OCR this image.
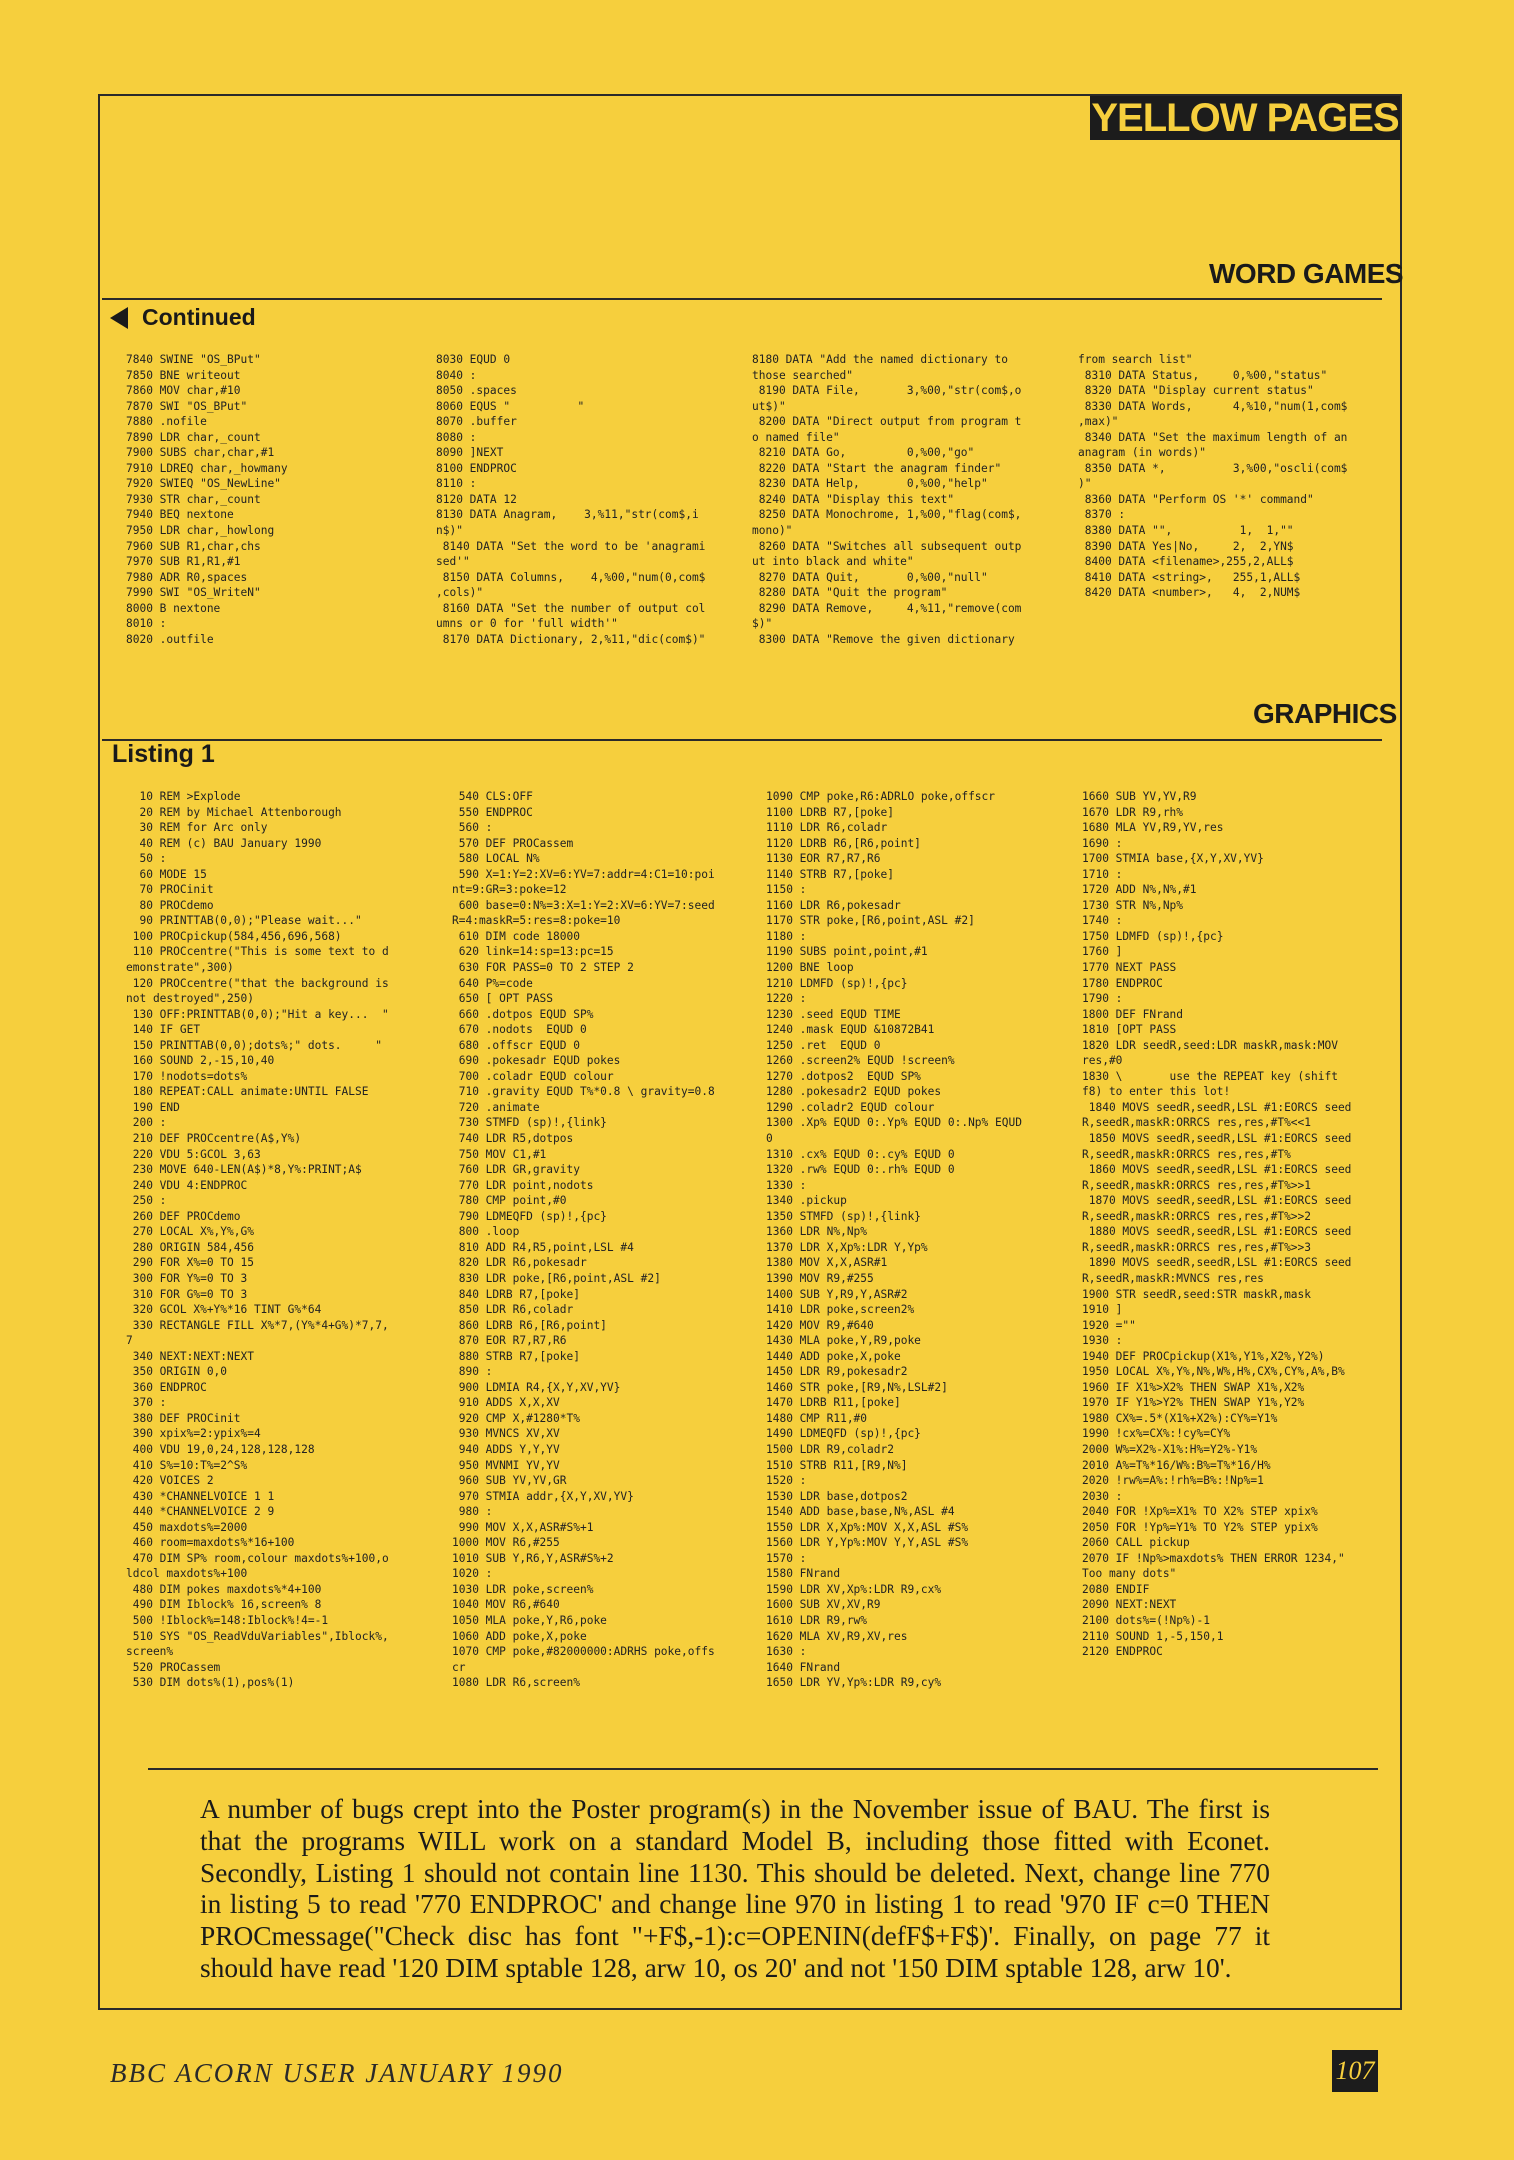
YELLOW PAGES
WORD GAMES
Continued
7840 SWINE "OS_BPut"
7850 BNE writeout
7860 MOV char,#10
7870 SWI "OS_BPut"
7880 .nofile
7890 LDR char,_count
7900 SUBS char,char,#1
7910 LDREQ char,_howmany
7920 SWIEQ "OS_NewLine"
7930 STR char,_count
7940 BEQ nextone
7950 LDR char,_howlong
7960 SUB R1,char,chs
7970 SUB R1,R1,#1
7980 ADR R0,spaces
7990 SWI "OS_WriteN"
8000 B nextone
8010 :
8020 .outfile
8030 EQUD 0
8040 :
8050 .spaces
8060 EQUS "          "
8070 .buffer
8080 :
8090 ]NEXT
8100 ENDPROC
8110 :
8120 DATA 12
8130 DATA Anagram,    3,%11,"str(com$,i
n$)"
8140 DATA "Set the word to be 'anagrami
sed'"
8150 DATA Columns,    4,%00,"num(0,com$
,cols)"
8160 DATA "Set the number of output col
umns or 0 for 'full width'"
8170 DATA Dictionary, 2,%11,"dic(com$)"
8180 DATA "Add the named dictionary to
those searched"
8190 DATA File,       3,%00,"str(com$,o
ut$)"
8200 DATA "Direct output from program t
o named file"
8210 DATA Go,         0,%00,"go"
8220 DATA "Start the anagram finder"
8230 DATA Help,       0,%00,"help"
8240 DATA "Display this text"
8250 DATA Monochrome, 1,%00,"flag(com$,
mono)"
8260 DATA "Switches all subsequent outp
ut into black and white"
8270 DATA Quit,       0,%00,"null"
8280 DATA "Quit the program"
8290 DATA Remove,     4,%11,"remove(com
$)"
8300 DATA "Remove the given dictionary
from search list"
8310 DATA Status,     0,%00,"status"
8320 DATA "Display current status"
8330 DATA Words,      4,%10,"num(1,com$
,max)"
8340 DATA "Set the maximum length of an
anagram (in words)"
8350 DATA *,          3,%00,"oscli(com$
)"
8360 DATA "Perform OS '*' command"
8370 :
8380 DATA "",          1,  1,""
8390 DATA Yes|No,     2,  2,YN$
8400 DATA <filename>,255,2,ALL$
8410 DATA <string>,   255,1,ALL$
8420 DATA <number>,   4,  2,NUM$
GRAPHICS
Listing 1
10 REM >Explode
20 REM by Michael Attenborough
30 REM for Arc only
40 REM (c) BAU January 1990
50 :
60 MODE 15
70 PROCinit
80 PROCdemo
90 PRINTTAB(0,0);"Please wait..."
100 PROCpickup(584,456,696,568)
110 PROCcentre("This is some text to d
emonstrate",300)
120 PROCcentre("that the background is
not destroyed",250)
130 OFF:PRINTTAB(0,0);"Hit a key...  "
140 IF GET
150 PRINTTAB(0,0);dots%;" dots.     "
160 SOUND 2,-15,10,40
170 !nodots=dots%
180 REPEAT:CALL animate:UNTIL FALSE
190 END
200 :
210 DEF PROCcentre(A$,Y%)
220 VDU 5:GCOL 3,63
230 MOVE 640-LEN(A$)*8,Y%:PRINT;A$
240 VDU 4:ENDPROC
250 :
260 DEF PROCdemo
270 LOCAL X%,Y%,G%
280 ORIGIN 584,456
290 FOR X%=0 TO 15
300 FOR Y%=0 TO 3
310 FOR G%=0 TO 3
320 GCOL X%+Y%*16 TINT G%*64
330 RECTANGLE FILL X%*7,(Y%*4+G%)*7,7,
7
340 NEXT:NEXT:NEXT
350 ORIGIN 0,0
360 ENDPROC
370 :
380 DEF PROCinit
390 xpix%=2:ypix%=4
400 VDU 19,0,24,128,128,128
410 S%=10:T%=2^S%
420 VOICES 2
430 *CHANNELVOICE 1 1
440 *CHANNELVOICE 2 9
450 maxdots%=2000
460 room=maxdots%*16+100
470 DIM SP% room,colour maxdots%+100,o
ldcol maxdots%+100
480 DIM pokes maxdots%*4+100
490 DIM Iblock% 16,screen% 8
500 !Iblock%=148:Iblock%!4=-1
510 SYS "OS_ReadVduVariables",Iblock%,
screen%
520 PROCassem
530 DIM dots%(1),pos%(1)
540 CLS:OFF
550 ENDPROC
560 :
570 DEF PROCassem
580 LOCAL N%
590 X=1:Y=2:XV=6:YV=7:addr=4:C1=10:poi
nt=9:GR=3:poke=12
600 base=0:N%=3:X=1:Y=2:XV=6:YV=7:seed
R=4:maskR=5:res=8:poke=10
610 DIM code 18000
620 link=14:sp=13:pc=15
630 FOR PASS=0 TO 2 STEP 2
640 P%=code
650 [ OPT PASS
660 .dotpos EQUD SP%
670 .nodots  EQUD 0
680 .offscr EQUD 0
690 .pokesadr EQUD pokes
700 .coladr EQUD colour
710 .gravity EQUD T%*0.8 \ gravity=0.8
720 .animate
730 STMFD (sp)!,{link}
740 LDR R5,dotpos
750 MOV C1,#1
760 LDR GR,gravity
770 LDR point,nodots
780 CMP point,#0
790 LDMEQFD (sp)!,{pc}
800 .loop
810 ADD R4,R5,point,LSL #4
820 LDR R6,pokesadr
830 LDR poke,[R6,point,ASL #2]
840 LDRB R7,[poke]
850 LDR R6,coladr
860 LDRB R6,[R6,point]
870 EOR R7,R7,R6
880 STRB R7,[poke]
890 :
900 LDMIA R4,{X,Y,XV,YV}
910 ADDS X,X,XV
920 CMP X,#1280*T%
930 MVNCS XV,XV
940 ADDS Y,Y,YV
950 MVNMI YV,YV
960 SUB YV,YV,GR
970 STMIA addr,{X,Y,XV,YV}
980 :
990 MOV X,X,ASR#S%+1
1000 MOV R6,#255
1010 SUB Y,R6,Y,ASR#S%+2
1020 :
1030 LDR poke,screen%
1040 MOV R6,#640
1050 MLA poke,Y,R6,poke
1060 ADD poke,X,poke
1070 CMP poke,#82000000:ADRHS poke,offs
cr
1080 LDR R6,screen%
1090 CMP poke,R6:ADRLO poke,offscr
1100 LDRB R7,[poke]
1110 LDR R6,coladr
1120 LDRB R6,[R6,point]
1130 EOR R7,R7,R6
1140 STRB R7,[poke]
1150 :
1160 LDR R6,pokesadr
1170 STR poke,[R6,point,ASL #2]
1180 :
1190 SUBS point,point,#1
1200 BNE loop
1210 LDMFD (sp)!,{pc}
1220 :
1230 .seed EQUD TIME
1240 .mask EQUD &10872B41
1250 .ret  EQUD 0
1260 .screen2% EQUD !screen%
1270 .dotpos2  EQUD SP%
1280 .pokesadr2 EQUD pokes
1290 .coladr2 EQUD colour
1300 .Xp% EQUD 0:.Yp% EQUD 0:.Np% EQUD
0
1310 .cx% EQUD 0:.cy% EQUD 0
1320 .rw% EQUD 0:.rh% EQUD 0
1330 :
1340 .pickup
1350 STMFD (sp)!,{link}
1360 LDR N%,Np%
1370 LDR X,Xp%:LDR Y,Yp%
1380 MOV X,X,ASR#1
1390 MOV R9,#255
1400 SUB Y,R9,Y,ASR#2
1410 LDR poke,screen2%
1420 MOV R9,#640
1430 MLA poke,Y,R9,poke
1440 ADD poke,X,poke
1450 LDR R9,pokesadr2
1460 STR poke,[R9,N%,LSL#2]
1470 LDRB R11,[poke]
1480 CMP R11,#0
1490 LDMEQFD (sp)!,{pc}
1500 LDR R9,coladr2
1510 STRB R11,[R9,N%]
1520 :
1530 LDR base,dotpos2
1540 ADD base,base,N%,ASL #4
1550 LDR X,Xp%:MOV X,X,ASL #S%
1560 LDR Y,Yp%:MOV Y,Y,ASL #S%
1570 :
1580 FNrand
1590 LDR XV,Xp%:LDR R9,cx%
1600 SUB XV,XV,R9
1610 LDR R9,rw%
1620 MLA XV,R9,XV,res
1630 :
1640 FNrand
1650 LDR YV,Yp%:LDR R9,cy%
1660 SUB YV,YV,R9
1670 LDR R9,rh%
1680 MLA YV,R9,YV,res
1690 :
1700 STMIA base,{X,Y,XV,YV}
1710 :
1720 ADD N%,N%,#1
1730 STR N%,Np%
1740 :
1750 LDMFD (sp)!,{pc}
1760 ]
1770 NEXT PASS
1780 ENDPROC
1790 :
1800 DEF FNrand
1810 [OPT PASS
1820 LDR seedR,seed:LDR maskR,mask:MOV
res,#0
1830 \       use the REPEAT key (shift
f8) to enter this lot!
1840 MOVS seedR,seedR,LSL #1:EORCS seed
R,seedR,maskR:ORRCS res,res,#T%<<1
1850 MOVS seedR,seedR,LSL #1:EORCS seed
R,seedR,maskR:ORRCS res,res,#T%
1860 MOVS seedR,seedR,LSL #1:EORCS seed
R,seedR,maskR:ORRCS res,res,#T%>>1
1870 MOVS seedR,seedR,LSL #1:EORCS seed
R,seedR,maskR:ORRCS res,res,#T%>>2
1880 MOVS seedR,seedR,LSL #1:EORCS seed
R,seedR,maskR:ORRCS res,res,#T%>>3
1890 MOVS seedR,seedR,LSL #1:EORCS seed
R,seedR,maskR:MVNCS res,res
1900 STR seedR,seed:STR maskR,mask
1910 ]
1920 =""
1930 :
1940 DEF PROCpickup(X1%,Y1%,X2%,Y2%)
1950 LOCAL X%,Y%,N%,W%,H%,CX%,CY%,A%,B%
1960 IF X1%>X2% THEN SWAP X1%,X2%
1970 IF Y1%>Y2% THEN SWAP Y1%,Y2%
1980 CX%=.5*(X1%+X2%):CY%=Y1%
1990 !cx%=CX%:!cy%=CY%
2000 W%=X2%-X1%:H%=Y2%-Y1%
2010 A%=T%*16/W%:B%=T%*16/H%
2020 !rw%=A%:!rh%=B%:!Np%=1
2030 :
2040 FOR !Xp%=X1% TO X2% STEP xpix%
2050 FOR !Yp%=Y1% TO Y2% STEP ypix%
2060 CALL pickup
2070 IF !Np%>maxdots% THEN ERROR 1234,"
Too many dots"
2080 ENDIF
2090 NEXT:NEXT
2100 dots%=(!Np%)-1
2110 SOUND 1,-5,150,1
2120 ENDPROC
A number of bugs crept into the Poster program(s) in the November issue of BAU. The first is that the programs WILL work on a standard Model B, including those fitted with Econet. Secondly, Listing 1 should not contain line 1130. This should be deleted. Next, change line 770 in listing 5 to read '770 ENDPROC' and change line 970 in listing 1 to read '970 IF c=0 THEN PROCmessage("Check disc has font "+F$,-1):c=OPENIN(defF$+F$)'. Finally, on page 77 it should have read '120 DIM sptable 128, arw 10, os 20' and not '150 DIM sptable 128, arw 10'.
BBC ACORN USER JANUARY 1990	107
